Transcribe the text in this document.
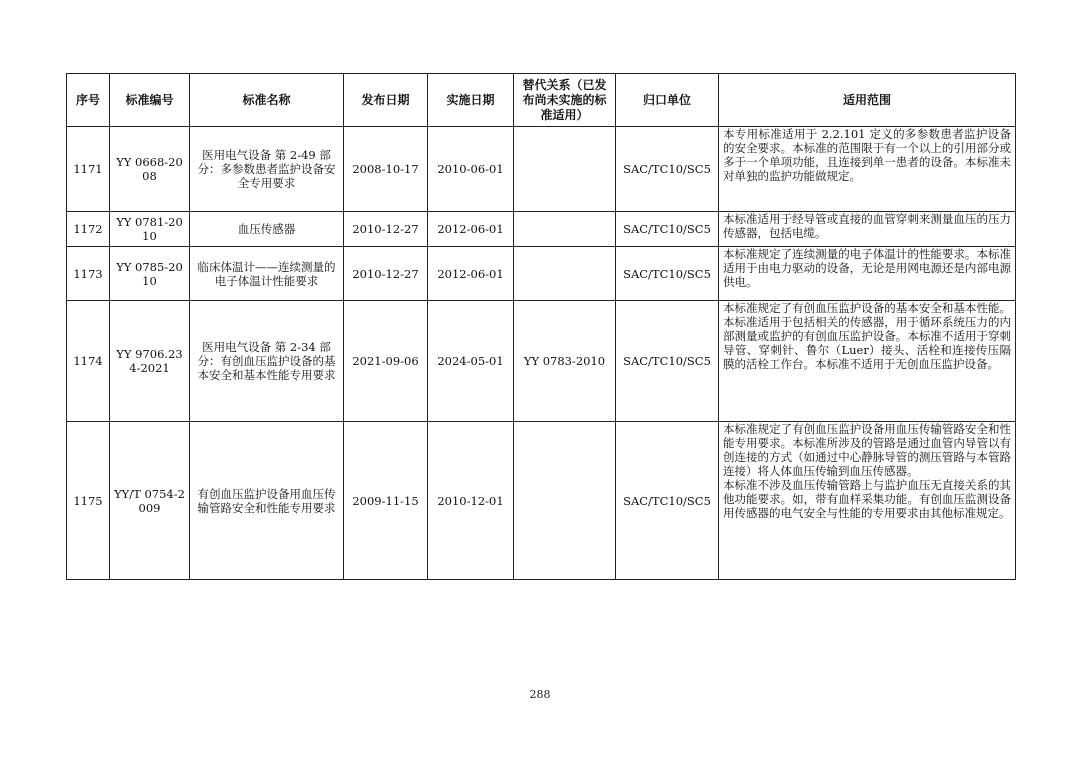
序号	标准编号	标准名称	发布日期	实施日期	替代关系（已发布尚未实施的标准适用）	归口单位	适用范围
1171	YY 0668-2008	医用电气设备 第 2-49 部分：多参数患者监护设备安全专用要求	2008-10-17	2010-06-01		SAC/TC10/SC5	本专用标准适用于 2.2.101 定义的多参数患者监护设备的安全要求。本标准的范围限于有一个以上的引用部分或多于一个单项功能，且连接到单一患者的设备。本标准未对单独的监护功能做规定。
1172	YY 0781-2010	血压传感器	2010-12-27	2012-06-01		SAC/TC10/SC5	本标准适用于经导管或直接的血管穿刺来测量血压的压力传感器，包括电缆。
1173	YY 0785-2010	临床体温计——连续测量的电子体温计性能要求	2010-12-27	2012-06-01		SAC/TC10/SC5	本标准规定了连续测量的电子体温计的性能要求。本标准适用于由电力驱动的设备，无论是用网电源还是内部电源供电。
1174	YY 9706.234-2021	医用电气设备 第 2-34 部分：有创血压监护设备的基本安全和基本性能专用要求	2021-09-06	2024-05-01	YY 0783-2010	SAC/TC10/SC5	本标准规定了有创血压监护设备的基本安全和基本性能。本标准适用于包括相关的传感器，用于循环系统压力的内部测量或监护的有创血压监护设备。本标准不适用于穿刺导管、穿刺针、鲁尔（Luer）接头、活栓和连接传压隔膜的活栓工作台。本标准不适用于无创血压监护设备。
1175	YY/T 0754-2009	有创血压监护设备用血压传输管路安全和性能专用要求	2009-11-15	2010-12-01		SAC/TC10/SC5	本标准规定了有创血压监护设备用血压传输管路安全和性能专用要求。本标准所涉及的管路是通过血管内导管以有创连接的方式（如通过中心静脉导管的测压管路与本管路连接）将人体血压传输到血压传感器。
本标准不涉及血压传输管路上与监护血压无直接关系的其他功能要求。如，带有血样采集功能。有创血压监测设备用传感器的电气安全与性能的专用要求由其他标准规定。
288
